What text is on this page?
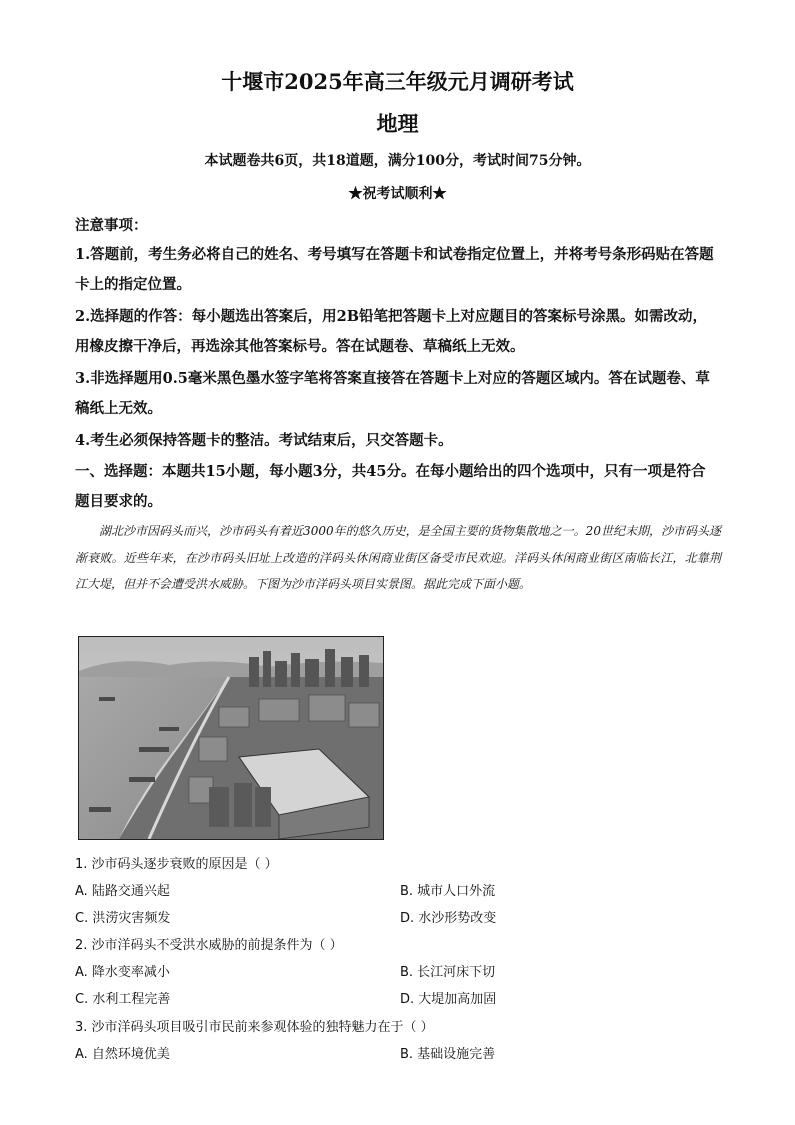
十堰市2025年高三年级元月调研考试
地理
本试题卷共6页，共18道题，满分100分，考试时间75分钟。
★祝考试顺利★
注意事项：
1.答题前，考生务必将自己的姓名、考号填写在答题卡和试卷指定位置上，并将考号条形码贴在答题卡上的指定位置。
2.选择题的作答：每小题选出答案后，用2B铅笔把答题卡上对应题目的答案标号涂黑。如需改动，用橡皮擦干净后，再选涂其他答案标号。答在试题卷、草稿纸上无效。
3.非选择题用0.5毫米黑色墨水签字笔将答案直接答在答题卡上对应的答题区域内。答在试题卷、草稿纸上无效。
4.考生必须保持答题卡的整洁。考试结束后，只交答题卡。
一、选择题：本题共15小题，每小题3分，共45分。在每小题给出的四个选项中，只有一项是符合题目要求的。
湖北沙市因码头而兴，沙市码头有着近3000年的悠久历史，是全国主要的货物集散地之一。20世纪末期，沙市码头逐渐衰败。近些年来，在沙市码头旧址上改造的洋码头休闲商业街区备受市民欢迎。洋码头休闲商业街区南临长江，北靠荆江大堤，但并不会遭受洪水威胁。下图为沙市洋码头项目实景图。据此完成下面小题。
1. 沙市码头逐步衰败的原因是（ ）
A. 陆路交通兴起	B. 城市人口外流
C. 洪涝灾害频发	D. 水沙形势改变
2. 沙市洋码头不受洪水威胁的前提条件为（ ）
A. 降水变率减小	B. 长江河床下切
C. 水利工程完善	D. 大堤加高加固
3. 沙市洋码头项目吸引市民前来参观体验的独特魅力在于（ ）
A. 自然环境优美	B. 基础设施完善
